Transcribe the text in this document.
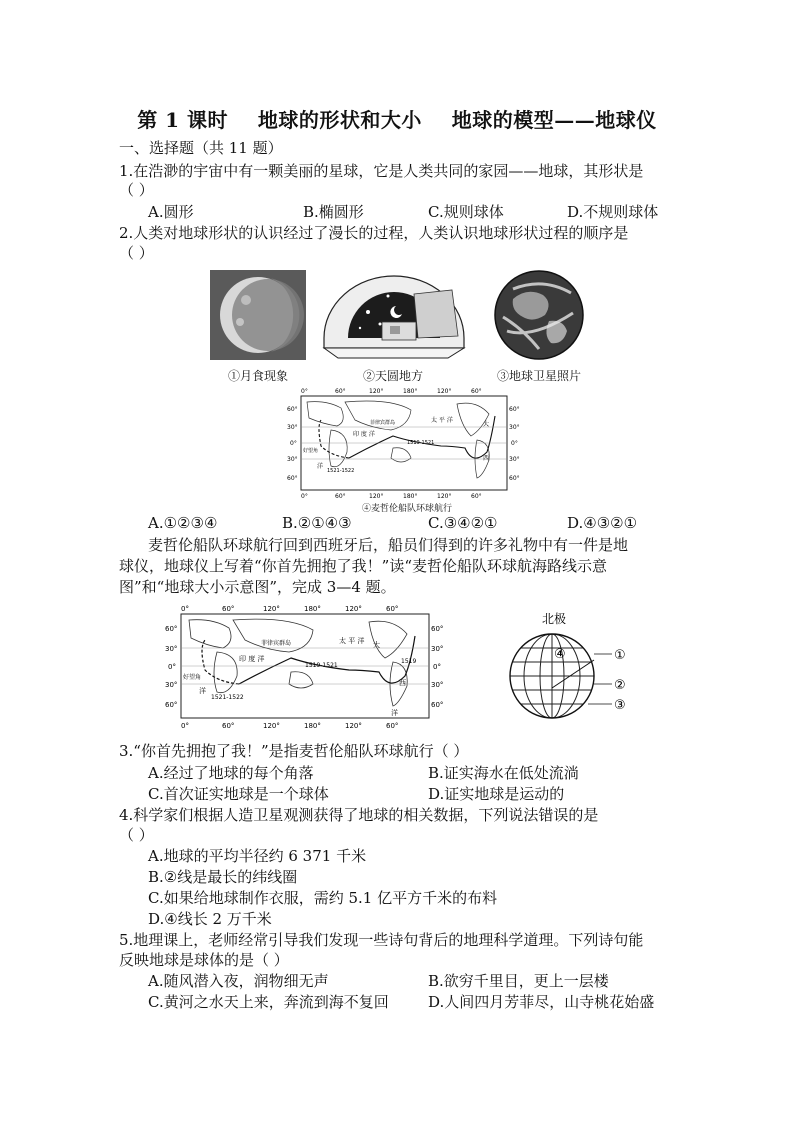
第 1 课时    地球的形状和大小    地球的模型——地球仪
一、选择题（共 11 题）
1.在浩渺的宇宙中有一颗美丽的星球，它是人类共同的家园——地球，其形状是
（ ）
A.圆形	B.椭圆形	C.规则球体	D.不规则球体
2.人类对地球形状的认识经过了漫长的过程，人类认识地球形状过程的顺序是
（ ）
①月食现象	②天圆地方	③地球卫星照片
0°	60°	120°	180°	120°	60°
0°	60°	120°	180°	120°	60°
60°
30°
0°
30°
60°
60°
30°
0°
30°
60°
太 平 洋
印 度 洋
菲律宾群岛
好望角
1521-1522
1519-1521
大
西
洋
④麦哲伦船队环球航行
A.①②③④	B.②①④③	C.③④②①	D.④③②①
麦哲伦船队环球航行回到西班牙后，船员们得到的许多礼物中有一件是地
球仪，地球仪上写着“你首先拥抱了我！”读“麦哲伦船队环球航海路线示意
图”和“地球大小示意图”，完成 3—4 题。
0°	60°	120°	180°	120°	60°
0°	60°	120°	180°	120°	60°
60°
30°
0°
30°
60°
60°
30°
0°
30°
60°
太 平 洋
印 度 洋
菲律宾群岛
好望角
1521-1522
1519-1521
1519
大
西
洋
洋
北极
④	①
②
③
3.“你首先拥抱了我！”是指麦哲伦船队环球航行（ ）
A.经过了地球的每个角落	B.证实海水在低处流淌
C.首次证实地球是一个球体	D.证实地球是运动的
4.科学家们根据人造卫星观测获得了地球的相关数据，下列说法错误的是
（ ）
A.地球的平均半径约 6 371 千米
B.②线是最长的纬线圈
C.如果给地球制作衣服，需约 5.1 亿平方千米的布料
D.④线长 2 万千米
5.地理课上，老师经常引导我们发现一些诗句背后的地理科学道理。下列诗句能
反映地球是球体的是（ ）
A.随风潜入夜，润物细无声	B.欲穷千里目，更上一层楼
C.黄河之水天上来，奔流到海不复回	D.人间四月芳菲尽，山寺桃花始盛
